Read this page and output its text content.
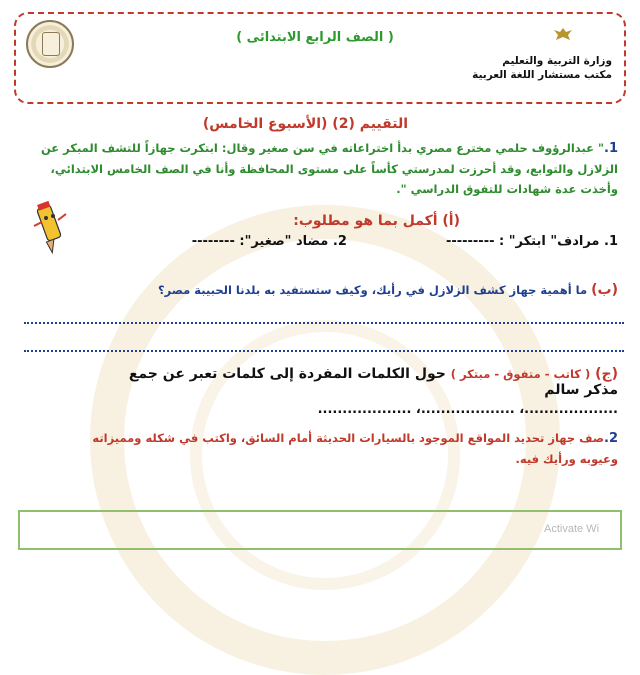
( الصف الرابع الابتدائى )
وزارة التربية والتعليم
مكتب مستشار اللغة العربية
التقييم (2) (الأسبوع الخامس)
1." عبدالرؤوف حلمي مخترع مصري بدأ اختراعاته في سن صغير وقال: ابتكرت جهازاً للتشف المبكر عن الزلازل والتوابع، وقد أحرزت لمدرستي كأساً على مستوى المحافظة وأنا في الصف الخامس الابتدائي، وأخذت عدة شهادات للتفوق الدراسي ".
(أ) أكمل بما هو مطلوب:
1. مرادف" ابتكر" : ---------  2. مضاد "صغير": --------
(ب) ما أهمية جهاز كشف الزلازل في رأيك، وكيف ستستفيد به بلدنا الحبيبة مصر؟
(ج) ( كاتب - متفوق - مبتكر ) حول الكلمات المفردة إلى كلمات تعبر عن جمع مذكر سالم
...................، ...................، ...................
2.صف جهاز تحديد المواقع الموجود بالسيارات الحديثة أمام السائق، واكتب في شكله ومميزاته وعيوبه ورأيك فيه.
Activate Wi
